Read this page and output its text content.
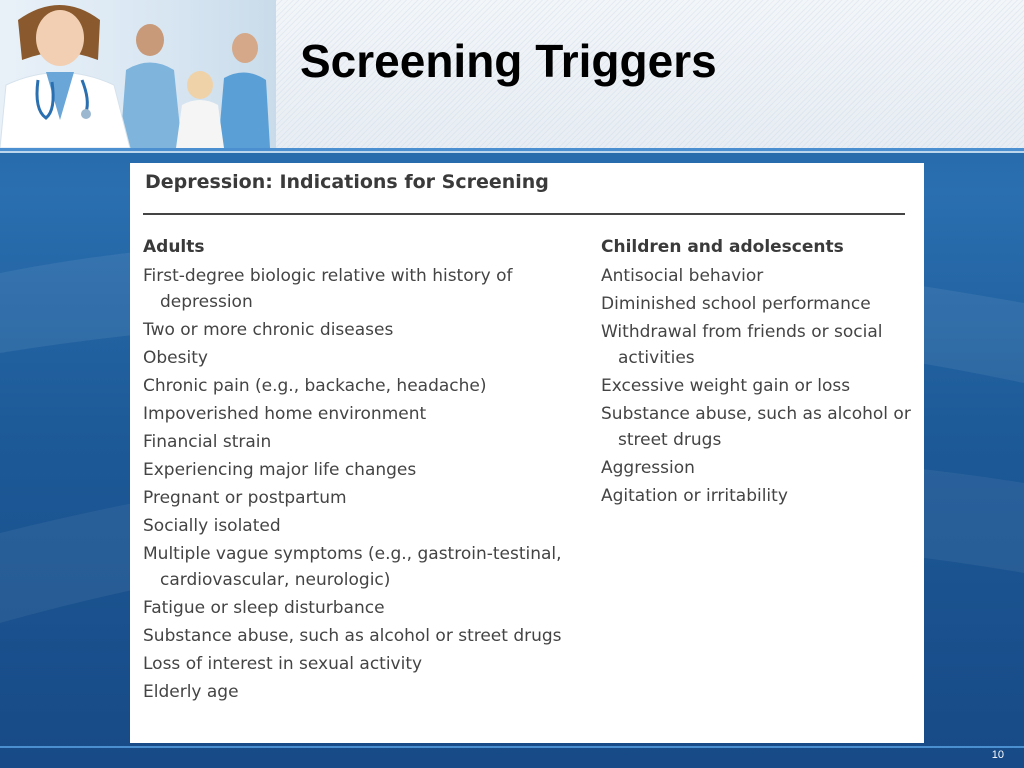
Screening Triggers
Depression: Indications for Screening
Adults
First-degree biologic relative with history of depression
Two or more chronic diseases
Obesity
Chronic pain (e.g., backache, headache)
Impoverished home environment
Financial strain
Experiencing major life changes
Pregnant or postpartum
Socially isolated
Multiple vague symptoms (e.g., gastroin-testinal, cardiovascular, neurologic)
Fatigue or sleep disturbance
Substance abuse, such as alcohol or street drugs
Loss of interest in sexual activity
Elderly age
Children and adolescents
Antisocial behavior
Diminished school performance
Withdrawal from friends or social activities
Excessive weight gain or loss
Substance abuse, such as alcohol or street drugs
Aggression
Agitation or irritability
10
